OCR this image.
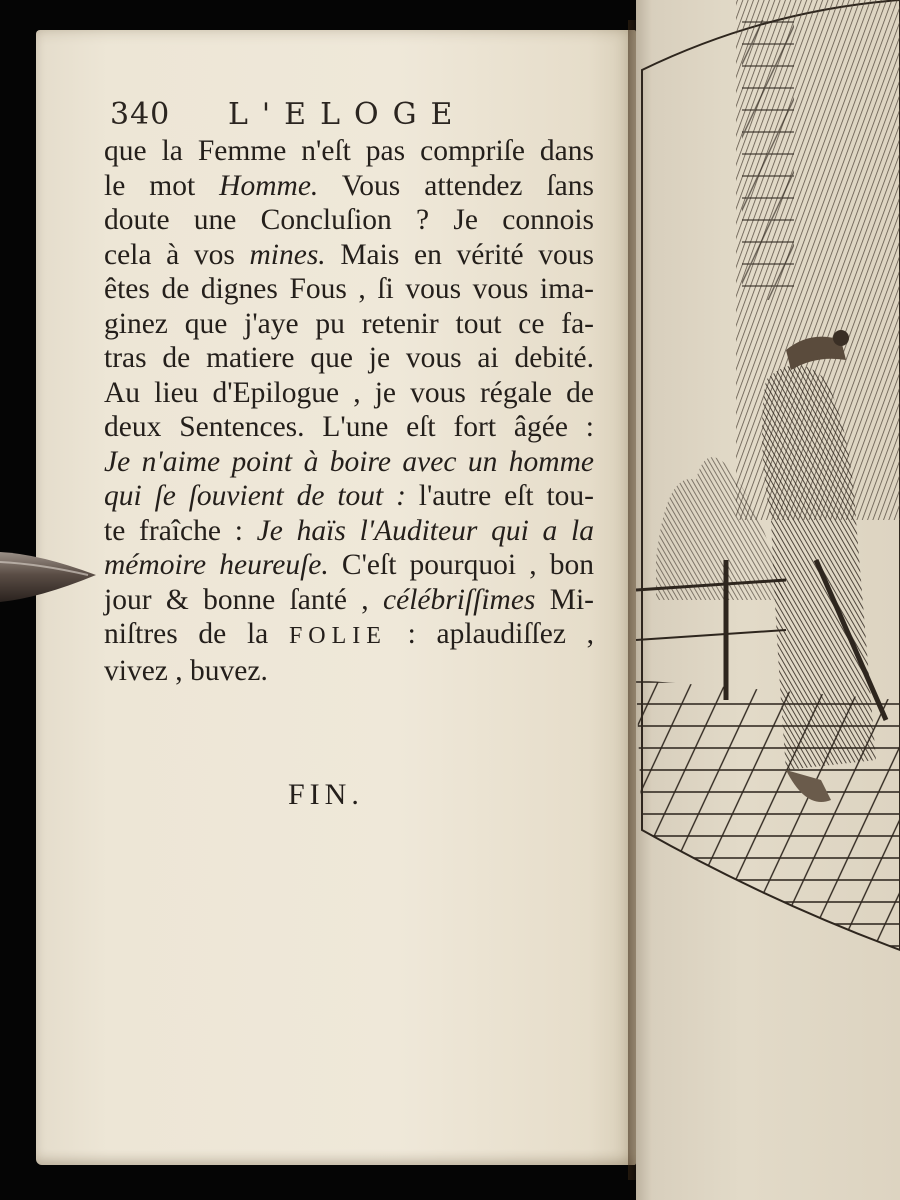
340 L'ELOGE
que la Femme n'eſt pas compriſe dans
le mot Homme. Vous attendez ſans
doute une Concluſion ? Je connois
cela à vos mines. Mais en vérité vous
êtes de dignes Fous , ſi vous vous ima-
ginez que j'aye pu retenir tout ce fa-
tras de matiere que je vous ai debité.
Au lieu d'Epilogue , je vous régale de
deux Sentences. L'une eſt fort âgée :
Je n'aime point à boire avec un homme
qui ſe ſouvient de tout : l'autre eſt tou-
te fraîche : Je haïs l'Auditeur qui a la
mémoire heureuſe. C'eſt pourquoi , bon
jour & bonne ſanté , célébriſſimes Mi-
niſtres de la FOLIE : aplaudiſſez ,
vivez , buvez.
FIN.
